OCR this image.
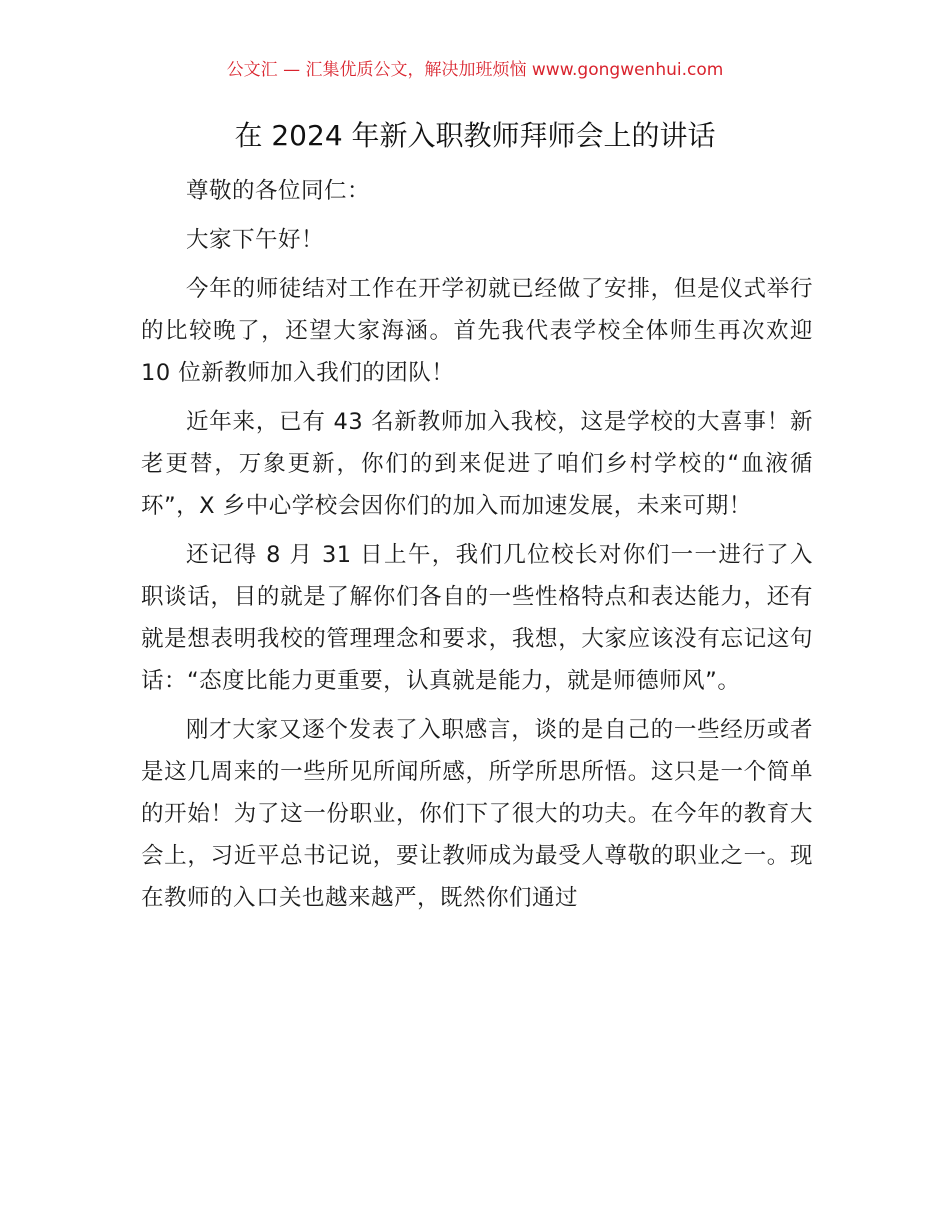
公文汇 — 汇集优质公文，解决加班烦恼 www.gongwenhui.com
在 2024 年新入职教师拜师会上的讲话

尊敬的各位同仁：

大家下午好！

今年的师徒结对工作在开学初就已经做了安排，但是仪式举行的比较晚了，还望大家海涵。首先我代表学校全体师生再次欢迎 10 位新教师加入我们的团队！

近年来，已有 43 名新教师加入我校，这是学校的大喜事！新老更替，万象更新，你们的到来促进了咱们乡村学校的“血液循环”，X 乡中心学校会因你们的加入而加速发展，未来可期！

还记得 8 月 31 日上午，我们几位校长对你们一一进行了入职谈话，目的就是了解你们各自的一些性格特点和表达能力，还有就是想表明我校的管理理念和要求，我想，大家应该没有忘记这句话：“态度比能力更重要，认真就是能力，就是师德师风”。

刚才大家又逐个发表了入职感言，谈的是自己的一些经历或者是这几周来的一些所见所闻所感，所学所思所悟。这只是一个简单的开始！为了这一份职业，你们下了很大的功夫。在今年的教育大会上，习近平总书记说，要让教师成为最受人尊敬的职业之一。现在教师的入口关也越来越严，既然你们通过
